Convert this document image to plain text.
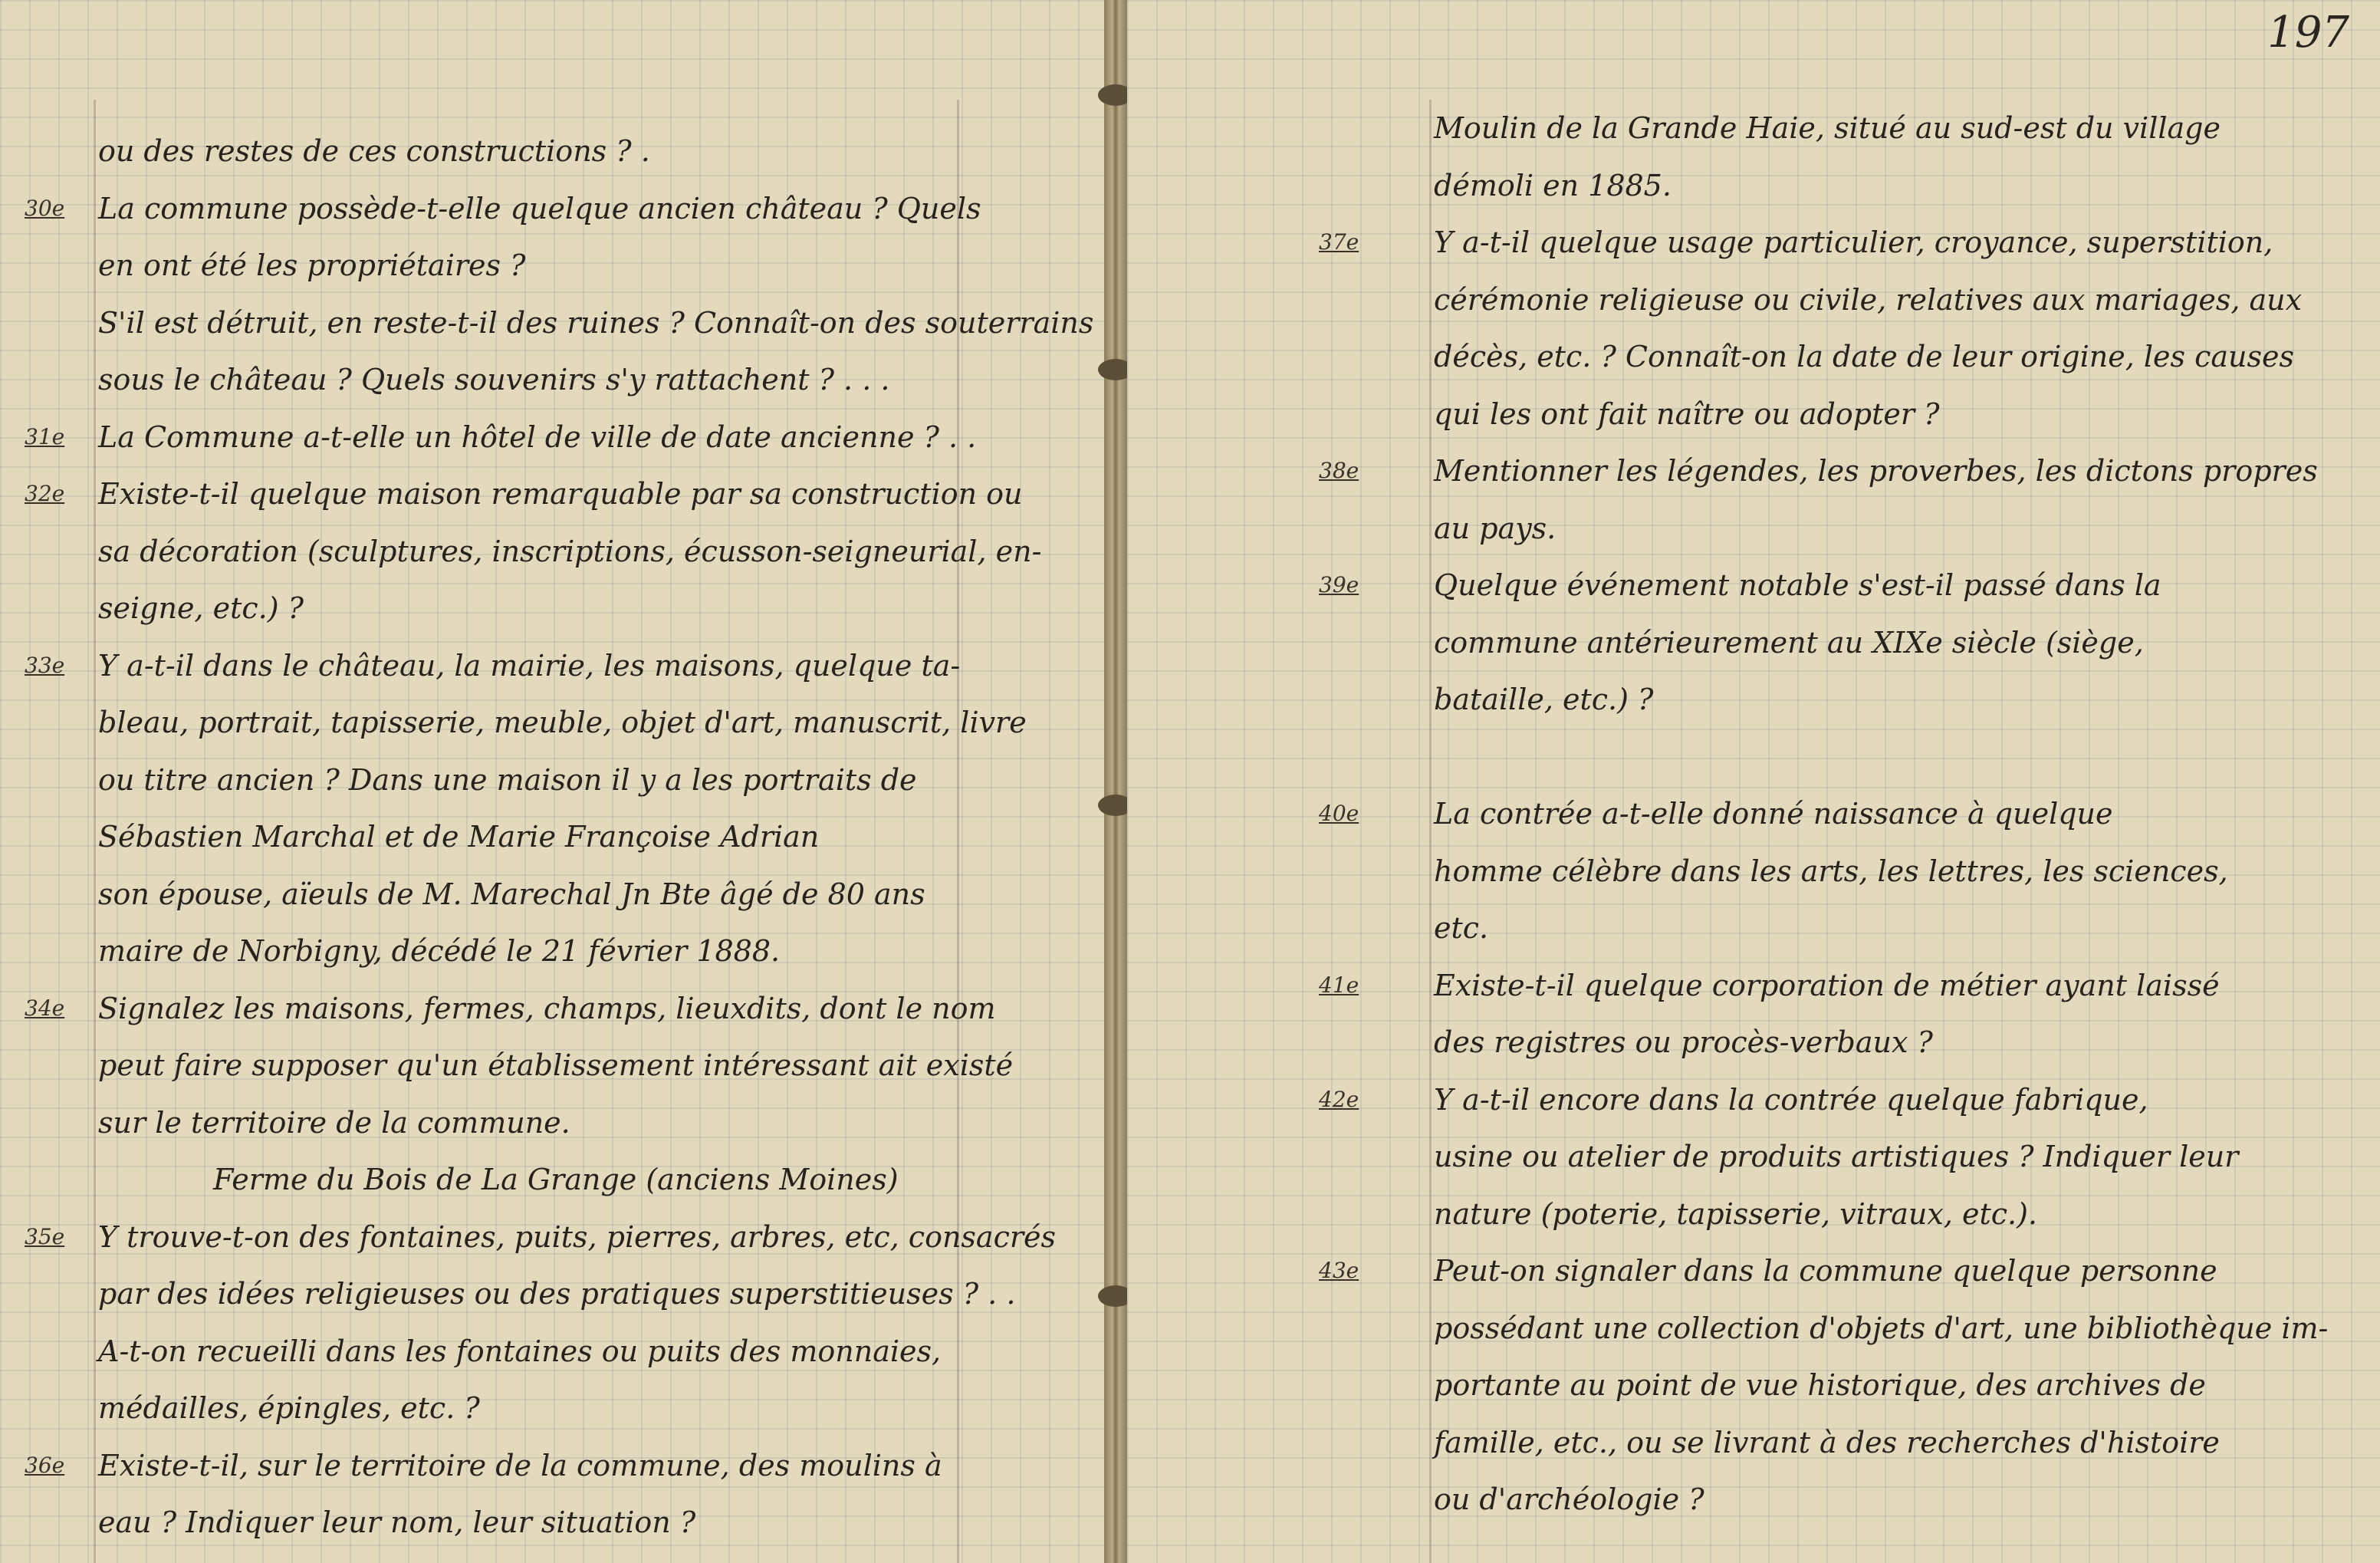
ou des restes de ces constructions ? .
30e La commune possède-t-elle quelque ancien château ? Quels
en ont été les propriétaires ?
S'il est détruit, en reste-t-il des ruines ? Connaît-on des souterrains
sous le château ? Quels souvenirs s'y rattachent ? . . .
31e La Commune a-t-elle un hôtel de ville de date ancienne ? . .
32e Existe-t-il quelque maison remarquable par sa construction ou
sa décoration (sculptures, inscriptions, écusson-seigneurial, en-
seigne, etc.) ?
33e Y a-t-il dans le château, la mairie, les maisons, quelque ta-
bleau, portrait, tapisserie, meuble, objet d'art, manuscrit, livre
ou titre ancien ? Dans une maison il y a les portraits de
Sébastien Marchal et de Marie Françoise Adrian
son épouse, aïeuls de M. Marechal Jn Bte âgé de 80 ans
maire de Norbigny, décédé le 21 février 1888.
34e Signalez les maisons, fermes, champs, lieuxdits, dont le nom
peut faire supposer qu'un établissement intéressant ait existé
sur le territoire de la commune.
Ferme du Bois de La Grange (anciens Moines)
35e Y trouve-t-on des fontaines, puits, pierres, arbres, etc, consacrés
par des idées religieuses ou des pratiques superstitieuses ? . .
A-t-on recueilli dans les fontaines ou puits des monnaies,
médailles, épingles, etc. ?
36e Existe-t-il, sur le territoire de la commune, des moulins à
eau ? Indiquer leur nom, leur situation ?
197
Moulin de la Grande Haie, situé au sud-est du village
démoli en 1885.
37e	Y a-t-il quelque usage particulier, croyance, superstition,
cérémonie religieuse ou civile, relatives aux mariages, aux
décès, etc. ? Connaît-on la date de leur origine, les causes
qui les ont fait naître ou adopter ?
38e	Mentionner les légendes, les proverbes, les dictons propres
au pays.
39e	Quelque événement notable s'est-il passé dans la
commune antérieurement au XIXe siècle (siège,
bataille, etc.) ?
40e	La contrée a-t-elle donné naissance à quelque
homme célèbre dans les arts, les lettres, les sciences,
etc.
41e	Existe-t-il quelque corporation de métier ayant laissé
des registres ou procès-verbaux ?
42e	Y a-t-il encore dans la contrée quelque fabrique,
usine ou atelier de produits artistiques ? Indiquer leur
nature (poterie, tapisserie, vitraux, etc.).
43e	Peut-on signaler dans la commune quelque personne
possédant une collection d'objets d'art, une bibliothèque im-
portante au point de vue historique, des archives de
famille, etc., ou se livrant à des recherches d'histoire
ou d'archéologie ?
